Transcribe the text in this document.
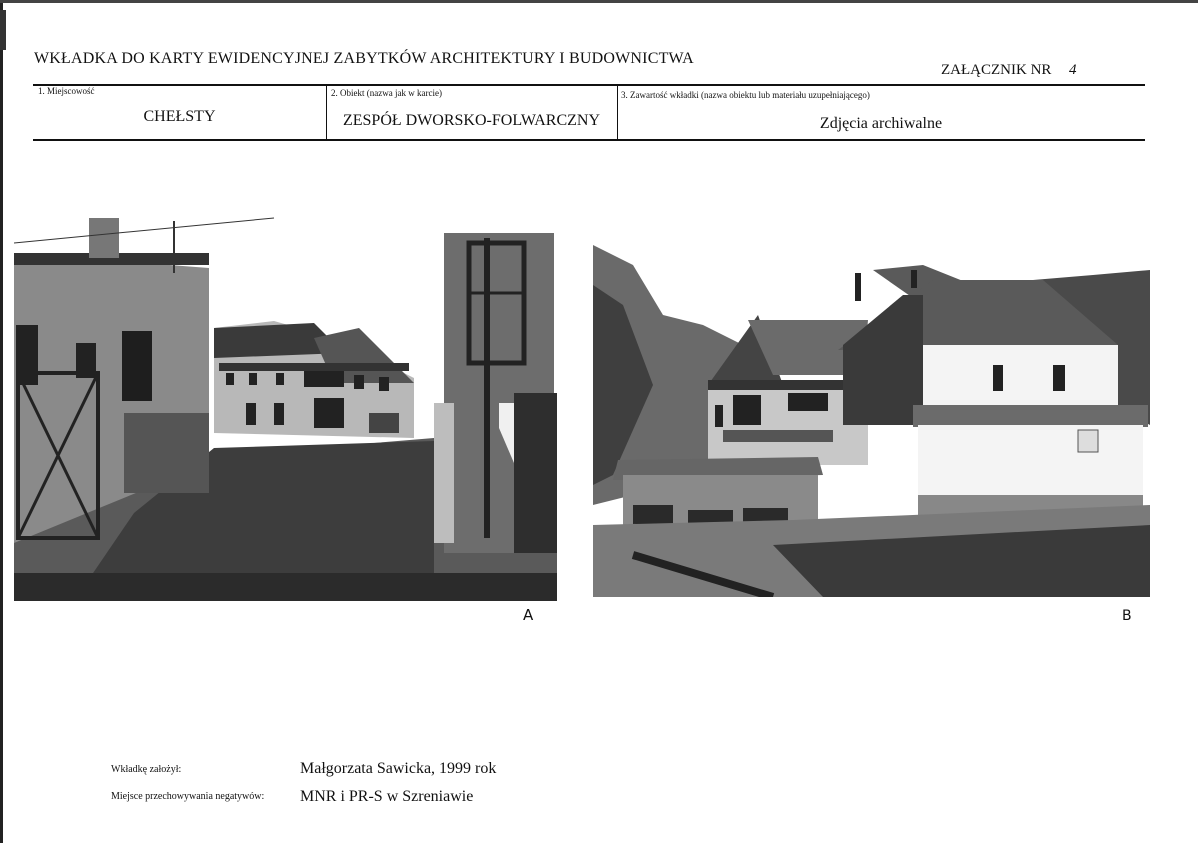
WKŁADKA DO KARTY EWIDENCYJNEJ ZABYTKÓW ARCHITEKTURY I BUDOWNICTWA
ZAŁĄCZNIK NR 4
1. Miejscowość
CHEŁSTY
2. Obiekt (nazwa jak w karcie)
ZESPÓŁ DWORSKO-FOLWARCZNY
3. Zawartość wkładki (nazwa obiektu lub materiału uzupełniającego)
Zdjęcia archiwalne
A	B
Wkładkę założył:	Małgorzata Sawicka, 1999 rok
Miejsce przechowywania negatywów: MNR i PR-S w Szreniawie
